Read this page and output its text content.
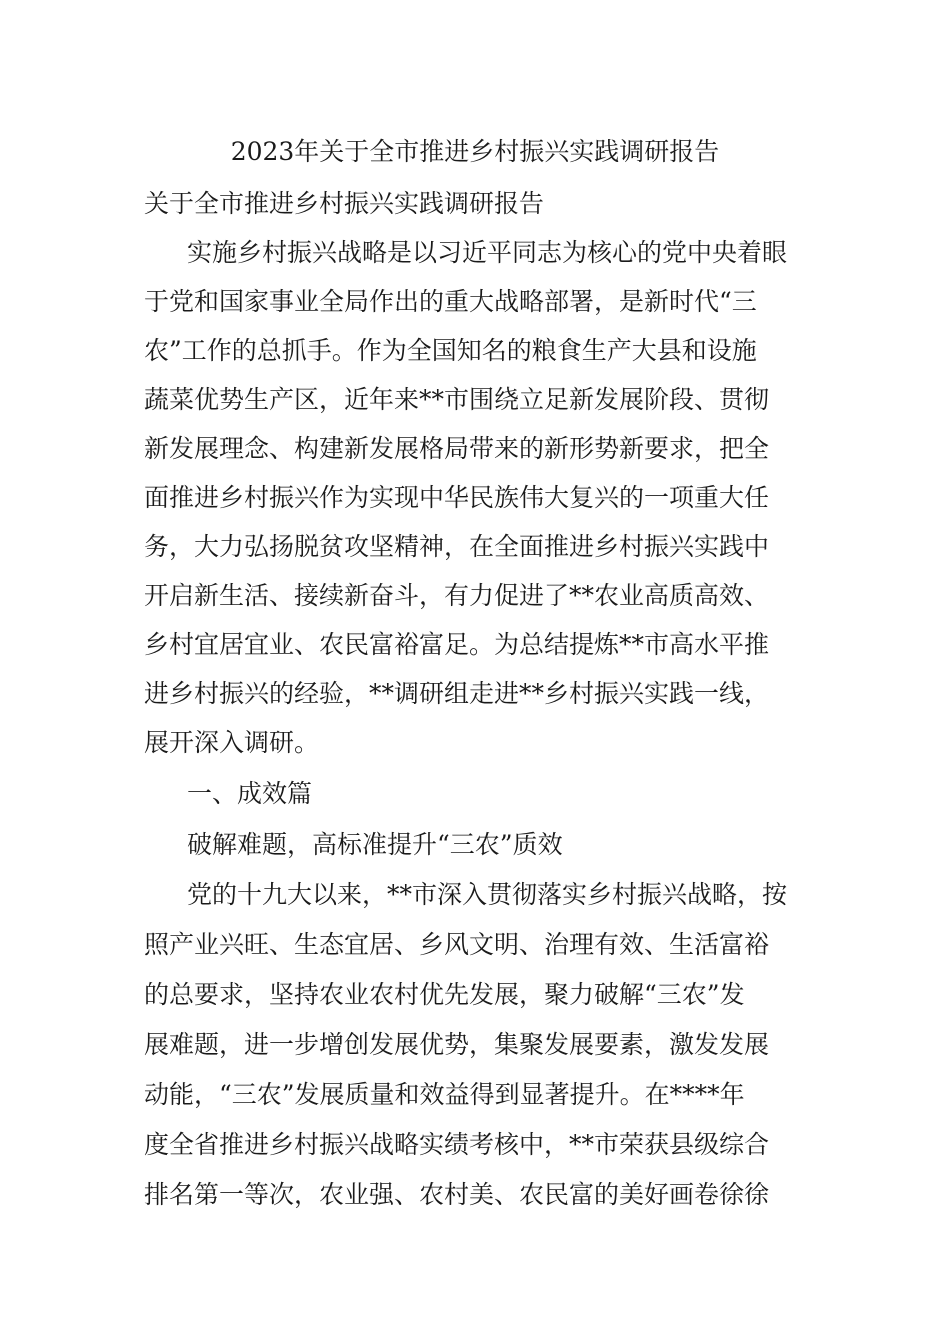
2023年关于全市推进乡村振兴实践调研报告

关于全市推进乡村振兴实践调研报告

实施乡村振兴战略是以习近平同志为核心的党中央着眼

于党和国家事业全局作出的重大战略部署，是新时代“三

农”工作的总抓手。作为全国知名的粮食生产大县和设施

蔬菜优势生产区，近年来**市围绕立足新发展阶段、贯彻

新发展理念、构建新发展格局带来的新形势新要求，把全

面推进乡村振兴作为实现中华民族伟大复兴的一项重大任

务，大力弘扬脱贫攻坚精神，在全面推进乡村振兴实践中

开启新生活、接续新奋斗，有力促进了**农业高质高效、

乡村宜居宜业、农民富裕富足。为总结提炼**市高水平推

进乡村振兴的经验，**调研组走进**乡村振兴实践一线，

展开深入调研。

一、成效篇

破解难题，高标准提升“三农”质效

党的十九大以来，**市深入贯彻落实乡村振兴战略，按

照产业兴旺、生态宜居、乡风文明、治理有效、生活富裕

的总要求，坚持农业农村优先发展，聚力破解“三农”发

展难题，进一步增创发展优势，集聚发展要素，激发发展

动能，“三农”发展质量和效益得到显著提升。在****年

度全省推进乡村振兴战略实绩考核中，**市荣获县级综合

排名第一等次，农业强、农村美、农民富的美好画卷徐徐
